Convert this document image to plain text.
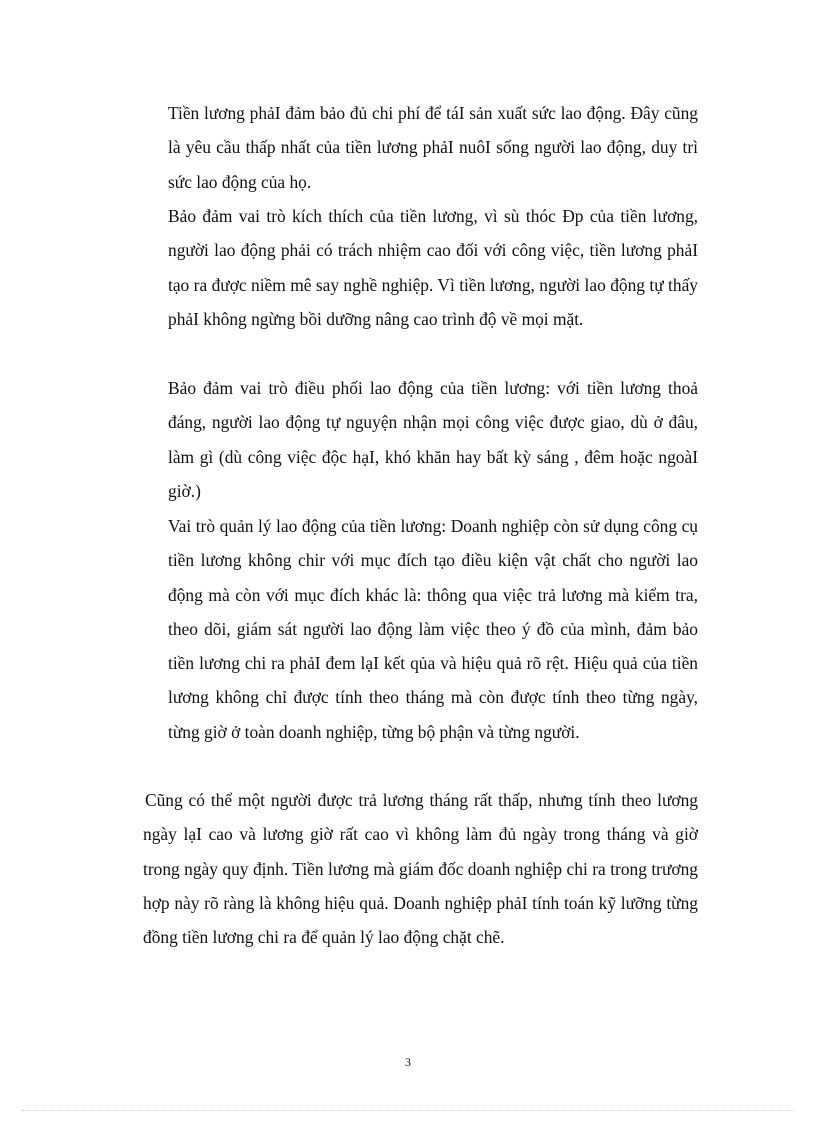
Tiền lương phảI đảm bảo đủ chi phí để táI sản xuất sức lao động. Đây cũng là yêu cầu thấp nhất của tiền lương phảI nuôI sống người lao động, duy trì sức lao động của họ.

Bảo đảm vai trò kích thích của tiền lương, vì sù thóc Đp của tiền lương, người lao động phải có trách nhiệm cao đối với công việc, tiền lương phảI tạo ra được niềm mê say nghề nghiệp. Vì tiền lương, người lao động tự thấy phảI không ngừng bồi dưỡng nâng cao trình độ về mọi mặt.

Bảo đảm vai trò điều phối lao động của tiền lương: với tiền lương thoả đáng, người lao động tự nguyện nhận mọi công việc được giao, dù ở đâu, làm gì (dù công việc độc hạI, khó khăn hay bất kỳ sáng , đêm hoặc ngoàI giờ.)

Vai trò quản lý lao động của tiền lương: Doanh nghiệp còn sử dụng công cụ tiền lương không chir với mục đích tạo điều kiện vật chất cho người lao động mà còn với mục đích khác là: thông qua việc trả lương mà kiểm tra, theo dõi, giám sát người lao động làm việc theo ý đồ của mình, đảm bảo tiền lương chi ra phảI đem lạI kết qủa và hiệu quả rõ rệt. Hiệu quả của tiền lương không chỉ được tính theo tháng mà còn được tính theo từng ngày, từng giờ ở toàn doanh nghiệp, từng bộ phận và từng người.

Cũng có thể một người được trả lương tháng rất thấp, nhưng tính theo lương ngày lạI cao và lương giờ rất cao vì không làm đủ ngày trong tháng và giờ trong ngày quy định. Tiền lương mà giám đốc doanh nghiệp chi ra trong trương hợp này rõ ràng là không hiệu quả. Doanh nghiệp phảI tính toán kỹ lưỡng từng đồng tiền lương chi ra để quản lý lao động chặt chẽ.

3
